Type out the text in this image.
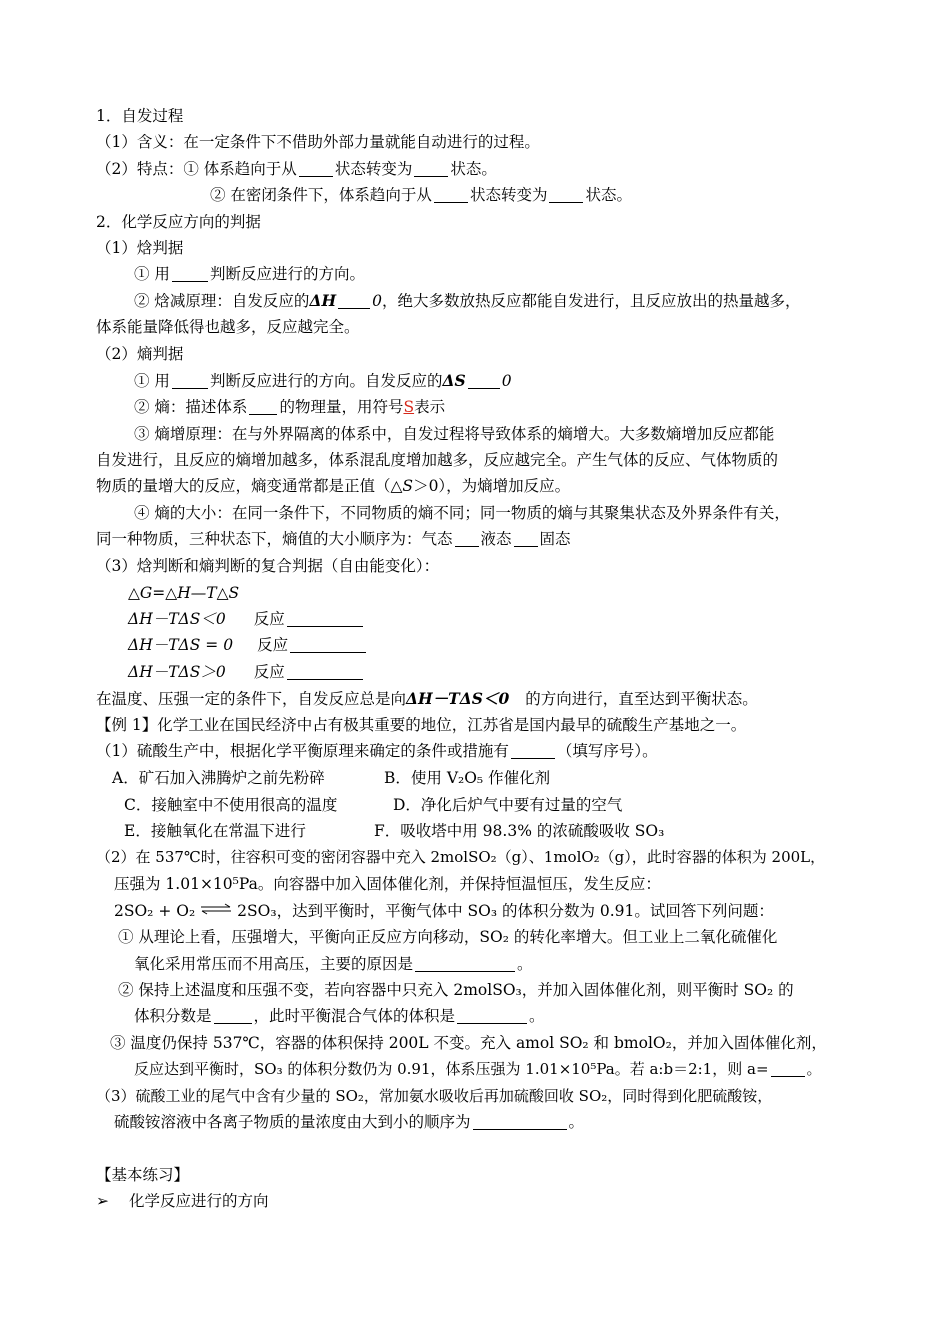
1．自发过程
（1）含义：在一定条件下不借助外部力量就能自动进行的过程。
（2）特点：① 体系趋向于从 状态转变为 状态。
② 在密闭条件下，体系趋向于从 状态转变为 状态。
2．化学反应方向的判据
（1）焓判据
① 用	判断反应进行的方向。
② 焓减原理：自发反应的ΔH 0，绝大多数放热反应都能自发进行，且反应放出的热量越多，
体系能量降低得也越多，反应越完全。
（2）熵判据
① 用	判断反应进行的方向。自发反应的ΔS 0
② 熵：描述体系 的物理量，用符号S表示
③ 熵增原理：在与外界隔离的体系中，自发过程将导致体系的熵增大。大多数熵增加反应都能
自发进行，且反应的熵增加越多，体系混乱度增加越多，反应越完全。产生气体的反应、气体物质的
物质的量增大的反应，熵变通常都是正值（△S＞0），为熵增加反应。
④ 熵的大小：在同一条件下，不同物质的熵不同；同一物质的熵与其聚集状态及外界条件有关，
同一种物质，三种状态下，熵值的大小顺序为：气态 液态 固态
（3）焓判断和熵判断的复合判据（自由能变化）：
△G=△H—T△S
ΔH－TΔS＜0 反应
ΔH－TΔS = 0 反应
ΔH－TΔS＞0 反应
在温度、压强一定的条件下，自发反应总是向ΔH－TΔS＜0 的方向进行，直至达到平衡状态。
【例 1】化学工业在国民经济中占有极其重要的地位，江苏省是国内最早的硫酸生产基地之一。
（1）硫酸生产中，根据化学平衡原理来确定的条件或措施有	（填写序号）。
A．矿石加入沸腾炉之前先粉碎	B．使用 V₂O₅ 作催化剂
C．接触室中不使用很高的温度	D．净化后炉气中要有过量的空气
E．接触氧化在常温下进行	F．吸收塔中用 98.3% 的浓硫酸吸收 SO₃
（2）在 537℃时，往容积可变的密闭容器中充入 2molSO₂（g）、1molO₂（g），此时容器的体积为 200L，
压强为 1.01×10⁵Pa。向容器中加入固体催化剂，并保持恒温恒压，发生反应：
2SO₂ + O₂ ⇌ 2SO₃，达到平衡时，平衡气体中 SO₃ 的体积分数为 0.91。试回答下列问题：
① 从理论上看，压强增大，平衡向正反应方向移动，SO₂ 的转化率增大。但工业上二氧化硫催化
氧化采用常压而不用高压，主要的原因是	。
② 保持上述温度和压强不变，若向容器中只充入 2molSO₃，并加入固体催化剂，则平衡时 SO₂ 的
体积分数是	，此时平衡混合气体的体积是	。
③ 温度仍保持 537℃，容器的体积保持 200L 不变。充入 amol SO₂ 和 bmolO₂，并加入固体催化剂，
反应达到平衡时，SO₃ 的体积分数仍为 0.91，体系压强为 1.01×10⁵Pa。若 a:b＝2:1，则 a=	。
（3）硫酸工业的尾气中含有少量的 SO₂，常加氨水吸收后再加硫酸回收 SO₂，同时得到化肥硫酸铵，
硫酸铵溶液中各离子物质的量浓度由大到小的顺序为	。
【基本练习】
➢ 化学反应进行的方向
